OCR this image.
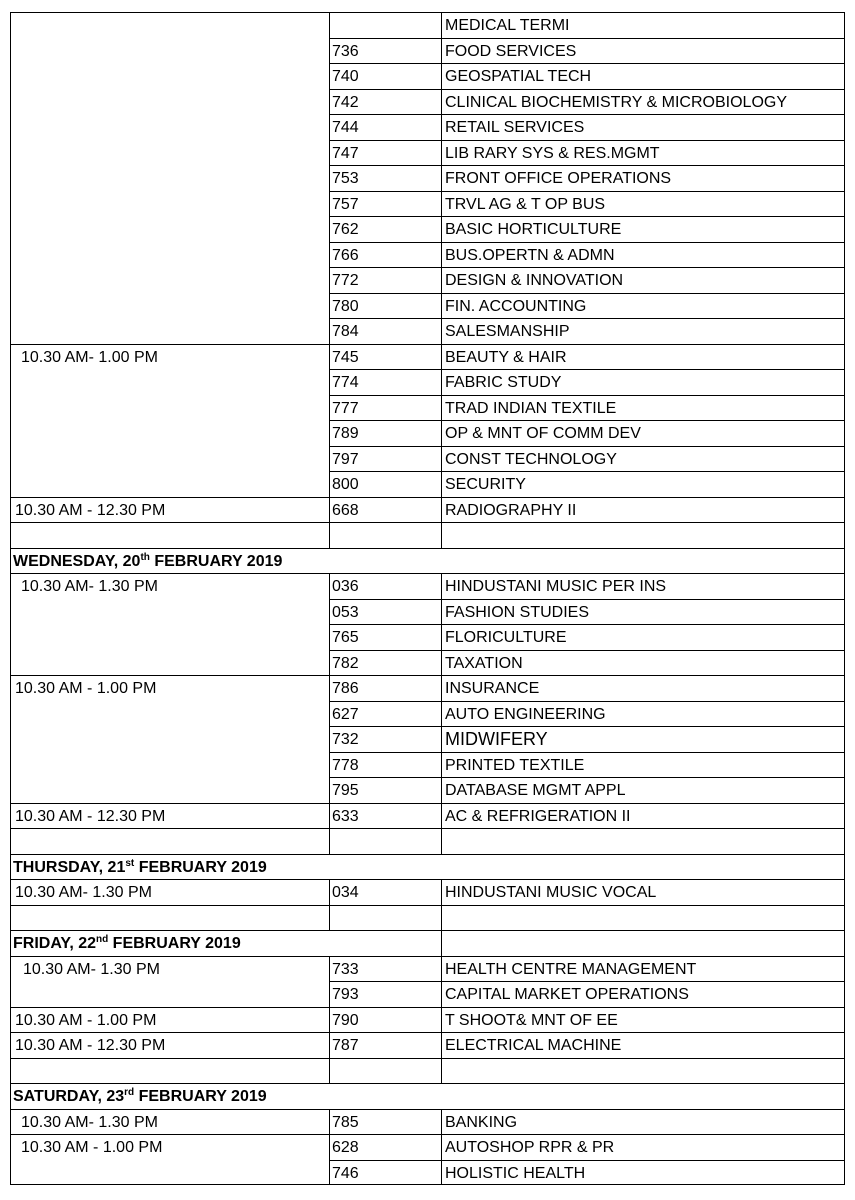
MEDICAL TERMI
736	FOOD SERVICES
740	GEOSPATIAL TECH
742	CLINICAL BIOCHEMISTRY & MICROBIOLOGY
744	RETAIL SERVICES
747	LIB RARY SYS & RES.MGMT
753	FRONT OFFICE OPERATIONS
757	TRVL AG & T OP BUS
762	BASIC HORTICULTURE
766	BUS.OPERTN & ADMN
772	DESIGN & INNOVATION
780	FIN. ACCOUNTING
784	SALESMANSHIP
10.30 AM- 1.00 PM	745	BEAUTY & HAIR
774	FABRIC STUDY
777	TRAD INDIAN TEXTILE
789	OP & MNT OF COMM DEV
797	CONST TECHNOLOGY
800	SECURITY
10.30 AM - 12.30 PM	668	RADIOGRAPHY II
WEDNESDAY, 20th FEBRUARY 2019
10.30 AM- 1.30 PM	036	HINDUSTANI MUSIC PER INS
053	FASHION STUDIES
765	FLORICULTURE
782	TAXATION
10.30 AM - 1.00 PM	786	INSURANCE
627	AUTO ENGINEERING
732	MIDWIFERY
778	PRINTED TEXTILE
795	DATABASE MGMT APPL
10.30 AM - 12.30 PM	633	AC & REFRIGERATION II
THURSDAY, 21st FEBRUARY 2019
10.30 AM- 1.30 PM	034	HINDUSTANI MUSIC VOCAL
FRIDAY, 22nd FEBRUARY 2019
10.30 AM- 1.30 PM	733	HEALTH CENTRE MANAGEMENT
793	CAPITAL MARKET OPERATIONS
10.30 AM - 1.00 PM	790	T SHOOT& MNT OF EE
10.30 AM - 12.30 PM	787	ELECTRICAL MACHINE
SATURDAY, 23rd FEBRUARY 2019
10.30 AM- 1.30 PM	785	BANKING
10.30 AM - 1.00 PM	628	AUTOSHOP RPR & PR
746	HOLISTIC HEALTH
